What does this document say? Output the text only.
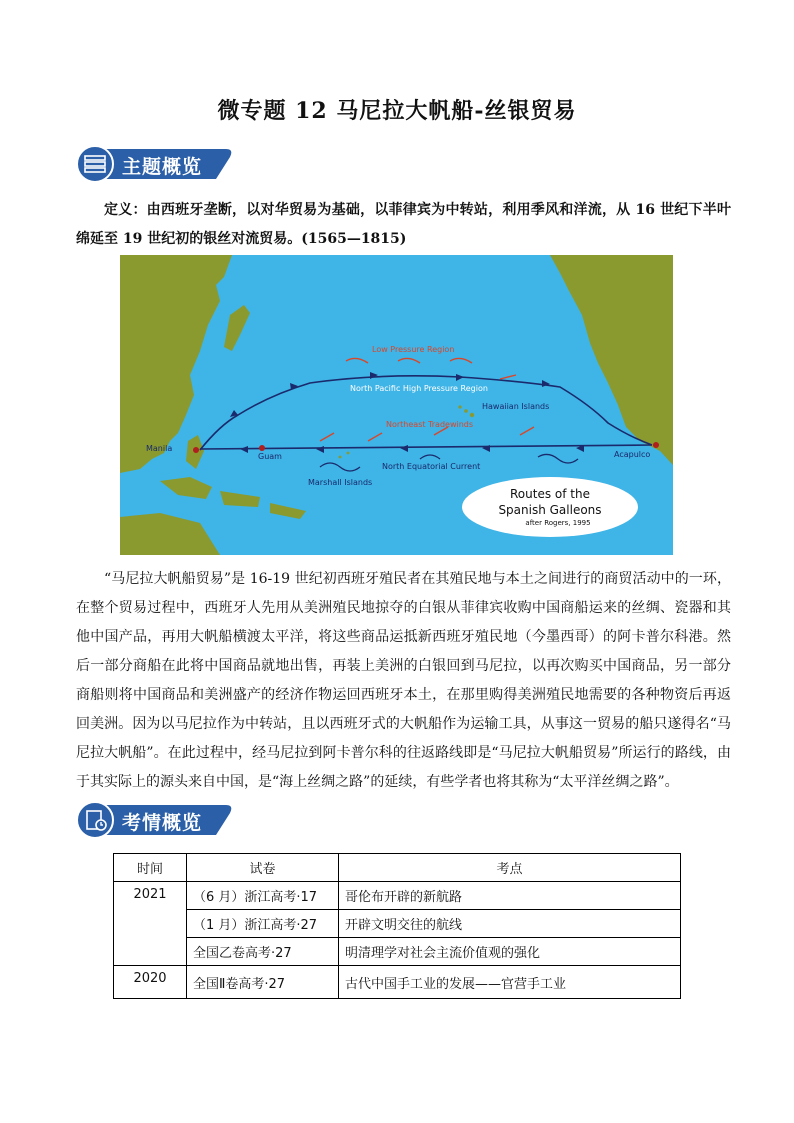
微专题 12 马尼拉大帆船-丝银贸易
主题概览
定义：由西班牙垄断，以对华贸易为基础，以菲律宾为中转站，利用季风和洋流，从 16 世纪下半叶绵延至 19 世纪初的银丝对流贸易。(1565—1815)
Low Pressure Region
North Pacific High Pressure Region
Hawaiian Islands
Northeast Tradewinds
Manila
Guam	Acapulco
North Equatorial Current
Marshall Islands
Routes of the
Spanish Galleons
after Rogers, 1995
“马尼拉大帆船贸易”是 16-19 世纪初西班牙殖民者在其殖民地与本土之间进行的商贸活动中的一环，在整个贸易过程中，西班牙人先用从美洲殖民地掠夺的白银从菲律宾收购中国商船运来的丝绸、瓷器和其他中国产品，再用大帆船横渡太平洋，将这些商品运抵新西班牙殖民地（今墨西哥）的阿卡普尔科港。然后一部分商船在此将中国商品就地出售，再装上美洲的白银回到马尼拉，以再次购买中国商品，另一部分商船则将中国商品和美洲盛产的经济作物运回西班牙本土，在那里购得美洲殖民地需要的各种物资后再返回美洲。因为以马尼拉作为中转站，且以西班牙式的大帆船作为运输工具，从事这一贸易的船只遂得名“马尼拉大帆船”。在此过程中，经马尼拉到阿卡普尔科的往返路线即是“马尼拉大帆船贸易”所运行的路线，由于其实际上的源头来自中国，是“海上丝绸之路”的延续，有些学者也将其称为“太平洋丝绸之路”。
考情概览
时间	试卷	考点
2021	（6 月）浙江高考·17	哥伦布开辟的新航路
	（1 月）浙江高考·27	开辟文明交往的航线
	全国乙卷高考·27	明清理学对社会主流价值观的强化
2020	全国Ⅱ卷高考·27	古代中国手工业的发展——官营手工业
